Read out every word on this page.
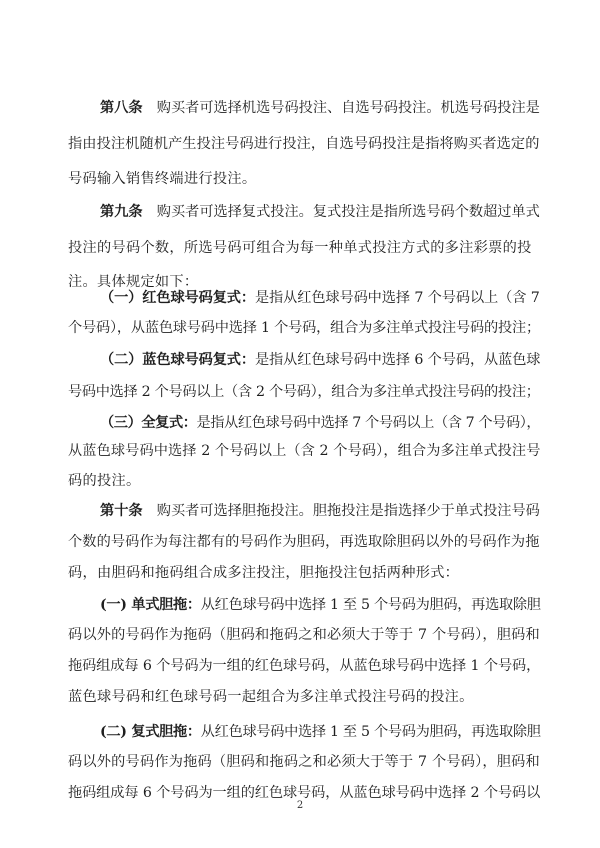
第八条　购买者可选择机选号码投注、自选号码投注。机选号码投注是
指由投注机随机产生投注号码进行投注，自选号码投注是指将购买者选定的
号码输入销售终端进行投注。
第九条　购买者可选择复式投注。复式投注是指所选号码个数超过单式
投注的号码个数，所选号码可组合为每一种单式投注方式的多注彩票的投
注。具体规定如下：
（一）红色球号码复式：是指从红色球号码中选择 7 个号码以上（含 7
个号码），从蓝色球号码中选择 1 个号码，组合为多注单式投注号码的投注；
（二）蓝色球号码复式：是指从红色球号码中选择 6 个号码，从蓝色球
号码中选择 2 个号码以上（含 2 个号码），组合为多注单式投注号码的投注；
（三）全复式：是指从红色球号码中选择 7 个号码以上（含 7 个号码），
从蓝色球号码中选择 2 个号码以上（含 2 个号码），组合为多注单式投注号
码的投注。
第十条　购买者可选择胆拖投注。胆拖投注是指选择少于单式投注号码
个数的号码作为每注都有的号码作为胆码，再选取除胆码以外的号码作为拖
码，由胆码和拖码组合成多注投注，胆拖投注包括两种形式：
(一) 单式胆拖：从红色球号码中选择 1 至 5 个号码为胆码，再选取除胆
码以外的号码作为拖码（胆码和拖码之和必须大于等于 7 个号码），胆码和
拖码组成每 6 个号码为一组的红色球号码，从蓝色球号码中选择 1 个号码，
蓝色球号码和红色球号码一起组合为多注单式投注号码的投注。
(二) 复式胆拖：从红色球号码中选择 1 至 5 个号码为胆码，再选取除胆
码以外的号码作为拖码（胆码和拖码之和必须大于等于 7 个号码），胆码和
拖码组成每 6 个号码为一组的红色球号码，从蓝色球号码中选择 2 个号码以
2
